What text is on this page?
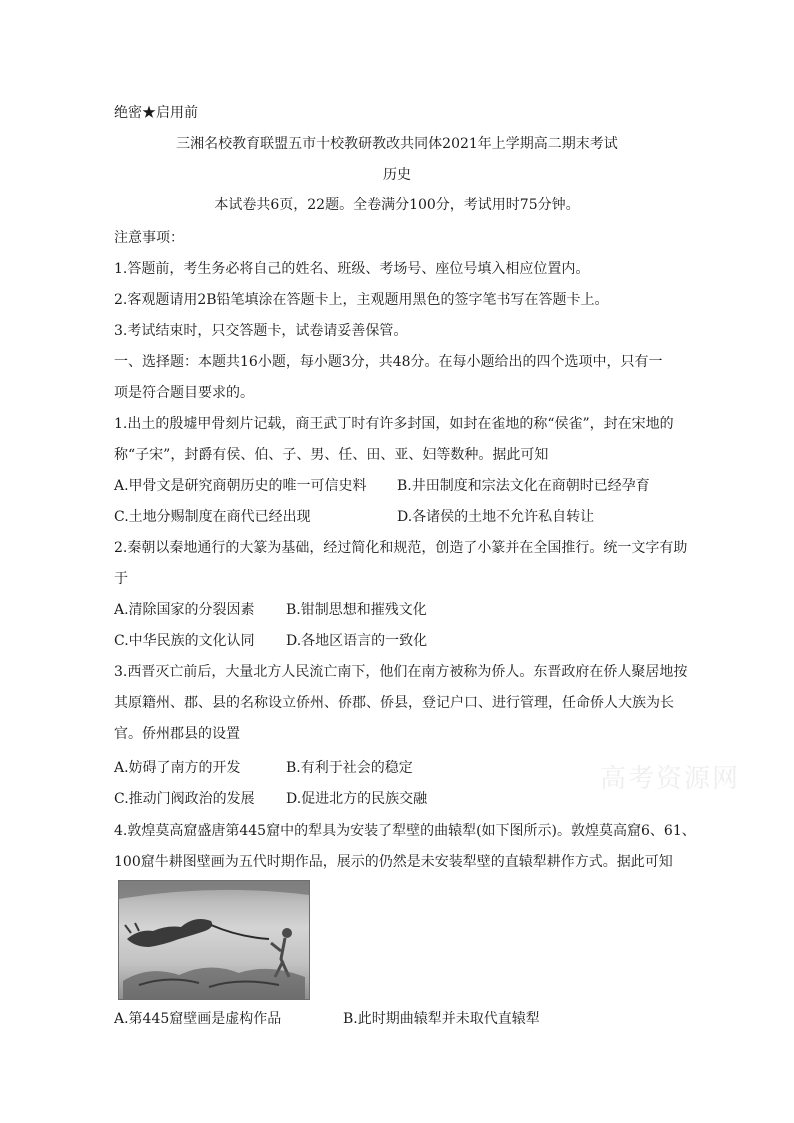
绝密★启用前
三湘名校教育联盟五市十校教研教改共同体2021年上学期高二期末考试
历史
本试卷共6页，22题。全卷满分100分，考试用时75分钟。
注意事项：
1.答题前，考生务必将自己的姓名、班级、考场号、座位号填入相应位置内。
2.客观题请用2B铅笔填涂在答题卡上，主观题用黑色的签字笔书写在答题卡上。
3.考试结束时，只交答题卡，试卷请妥善保管。
一、选择题：本题共16小题，每小题3分，共48分。在每小题给出的四个选项中，只有一
项是符合题目要求的。
1.出土的殷墟甲骨刻片记载，商王武丁时有许多封国，如封在雀地的称“侯雀”，封在宋地的
称“子宋”，封爵有侯、伯、子、男、任、田、亚、妇等数种。据此可知
A.甲骨文是研究商朝历史的唯一可信史料 B.井田制度和宗法文化在商朝时已经孕育
C.土地分赐制度在商代已经出现	D.各诸侯的土地不允许私自转让
2.秦朝以秦地通行的大篆为基础，经过简化和规范，创造了小篆并在全国推行。统一文字有助
于
A.清除国家的分裂因素 B.钳制思想和摧残文化
C.中华民族的文化认同 D.各地区语言的一致化
3.西晋灭亡前后，大量北方人民流亡南下，他们在南方被称为侨人。东晋政府在侨人聚居地按
其原籍州、郡、县的名称设立侨州、侨郡、侨县，登记户口、进行管理，任命侨人大族为长
官。侨州郡县的设置
A.妨碍了南方的开发	B.有利于社会的稳定
C.推动门阀政治的发展 D.促进北方的民族交融
高考资源网
4.敦煌莫高窟盛唐第445窟中的犁具为安装了犁壁的曲辕犁(如下图所示)。敦煌莫高窟6、61、
100窟牛耕图壁画为五代时期作品，展示的仍然是未安装犁壁的直辕犁耕作方式。据此可知
A.第445窟壁画是虚构作品	B.此时期曲辕犁并未取代直辕犁
